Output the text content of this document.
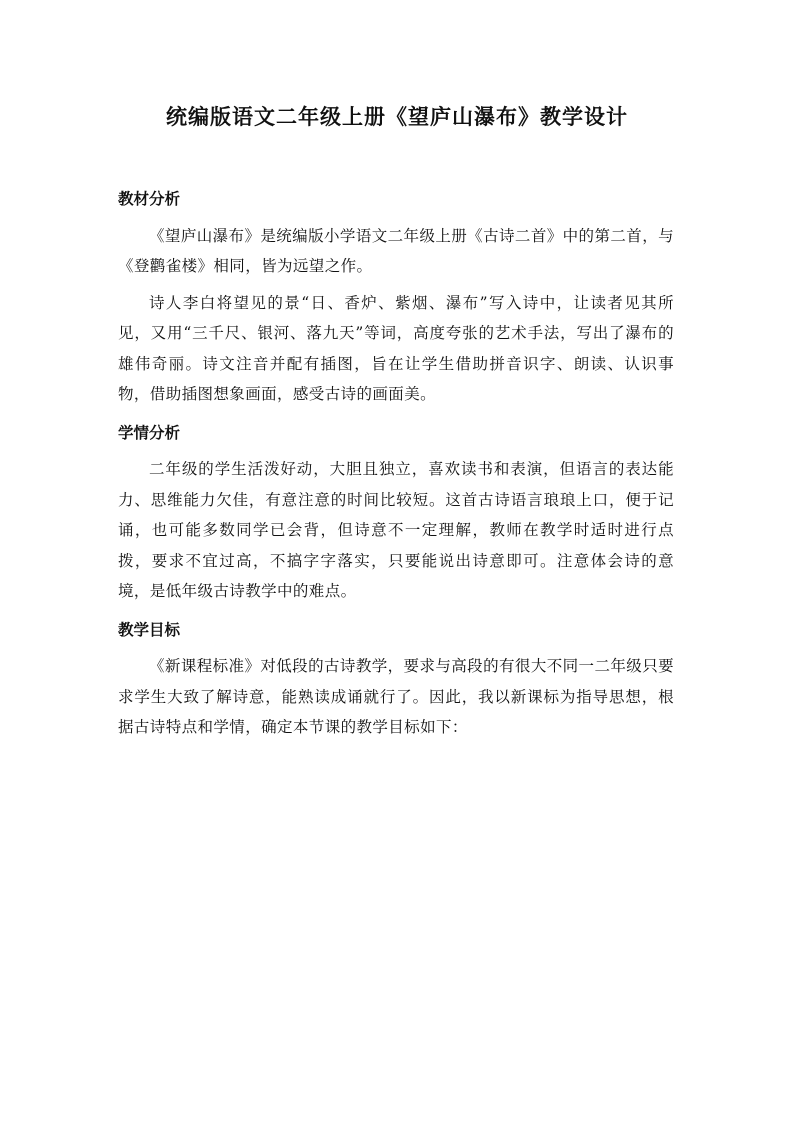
统编版语文二年级上册《望庐山瀑布》教学设计

教材分析

《望庐山瀑布》是统编版小学语文二年级上册《古诗二首》中的第二首，与《登鹳雀楼》相同，皆为远望之作。

诗人李白将望见的景“日、香炉、紫烟、瀑布”写入诗中，让读者见其所见，又用“三千尺、银河、落九天”等词，高度夸张的艺术手法，写出了瀑布的雄伟奇丽。诗文注音并配有插图，旨在让学生借助拼音识字、朗读、认识事物，借助插图想象画面，感受古诗的画面美。

学情分析

二年级的学生活泼好动，大胆且独立，喜欢读书和表演，但语言的表达能力、思维能力欠佳，有意注意的时间比较短。这首古诗语言琅琅上口，便于记诵，也可能多数同学已会背，但诗意不一定理解，教师在教学时适时进行点拨，要求不宜过高，不搞字字落实，只要能说出诗意即可。注意体会诗的意境，是低年级古诗教学中的难点。

教学目标

《新课程标准》对低段的古诗教学，要求与高段的有很大不同一二年级只要求学生大致了解诗意，能熟读成诵就行了。因此，我以新课标为指导思想，根据古诗特点和学情，确定本节课的教学目标如下：
